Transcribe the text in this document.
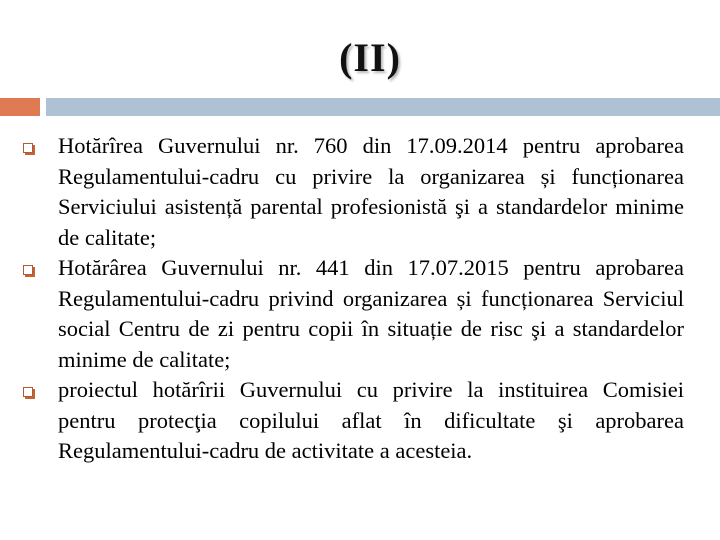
(II)
Hotărîrea Guvernului nr. 760 din 17.09.2014 pentru aprobarea Regulamentului-cadru cu privire la organizarea și funcționarea Serviciului asistență parental profesionistă şi a standardelor minime de calitate;
Hotărârea Guvernului nr. 441 din 17.07.2015 pentru aprobarea Regulamentului-cadru privind organizarea și funcționarea Serviciul social Centru de zi pentru copii în situație de risc şi a standardelor minime de calitate;
proiectul hotărîrii Guvernului cu privire la instituirea Comisiei pentru protecţia copilului aflat în dificultate şi aprobarea Regulamentului-cadru de activitate a acesteia.
